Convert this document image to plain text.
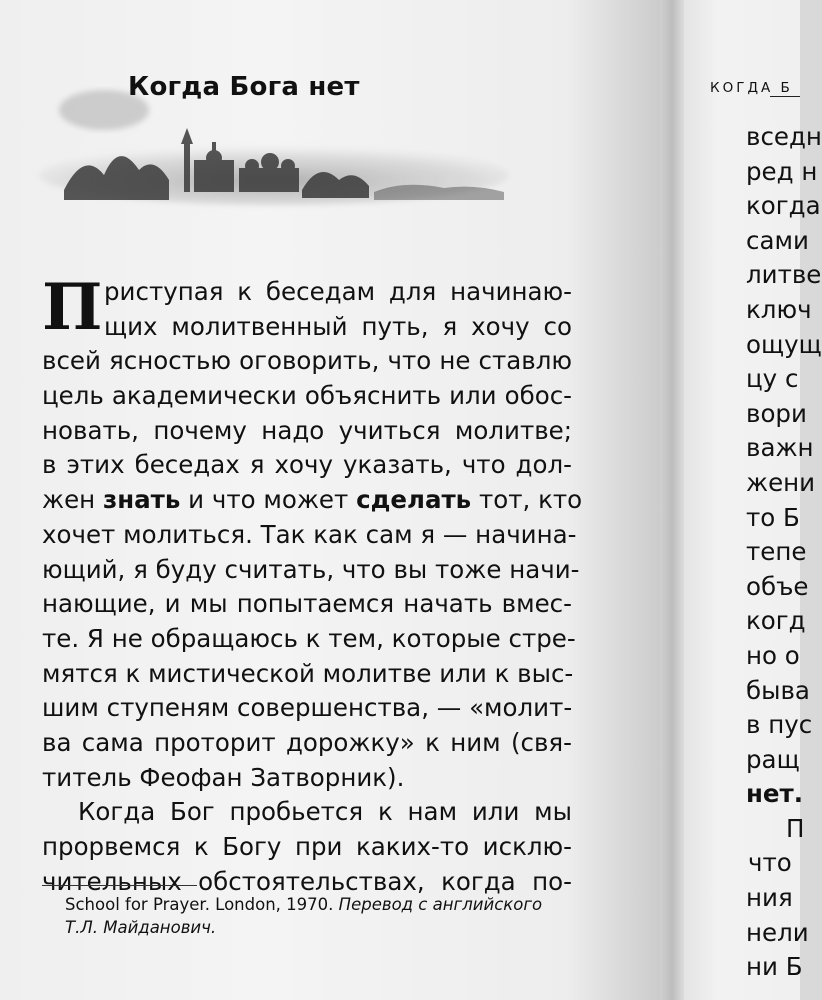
Когда Бога нет
П риступая к беседам для начинаю-
щих молитвенный путь, я хочу со
всей ясностью оговорить, что не ставлю
цель академически объяснить или обос-
новать, почему надо учиться молитве;
в этих беседах я хочу указать, что дол-
жен знать и что может сделать тот, кто
хочет молиться. Так как сам я — начина-
ющий, я буду считать, что вы тоже начи-
нающие, и мы попытаемся начать вмес-
те. Я не обращаюсь к тем, которые стре-
мятся к мистической молитве или к выс-
шим ступеням совершенства, — «молит-
ва сама проторит дорожку» к ним (свя-
титель Феофан Затворник).
Когда Бог пробьется к нам или мы
прорвемся к Богу при каких-то исклю-
чительных обстоятельствах, когда по-
School for Prayer. London, 1970. Перевод с английского
Т.Л. Майданович.
КОГДА Б
вседн
ред н
когда
сами
литве
ключ
ощущ
цу с
вори
важн
жени
то Б
тепе
объе
когд
но о
быва
в пус
ращ
нет.
П
что
ния
нели
ни Б
